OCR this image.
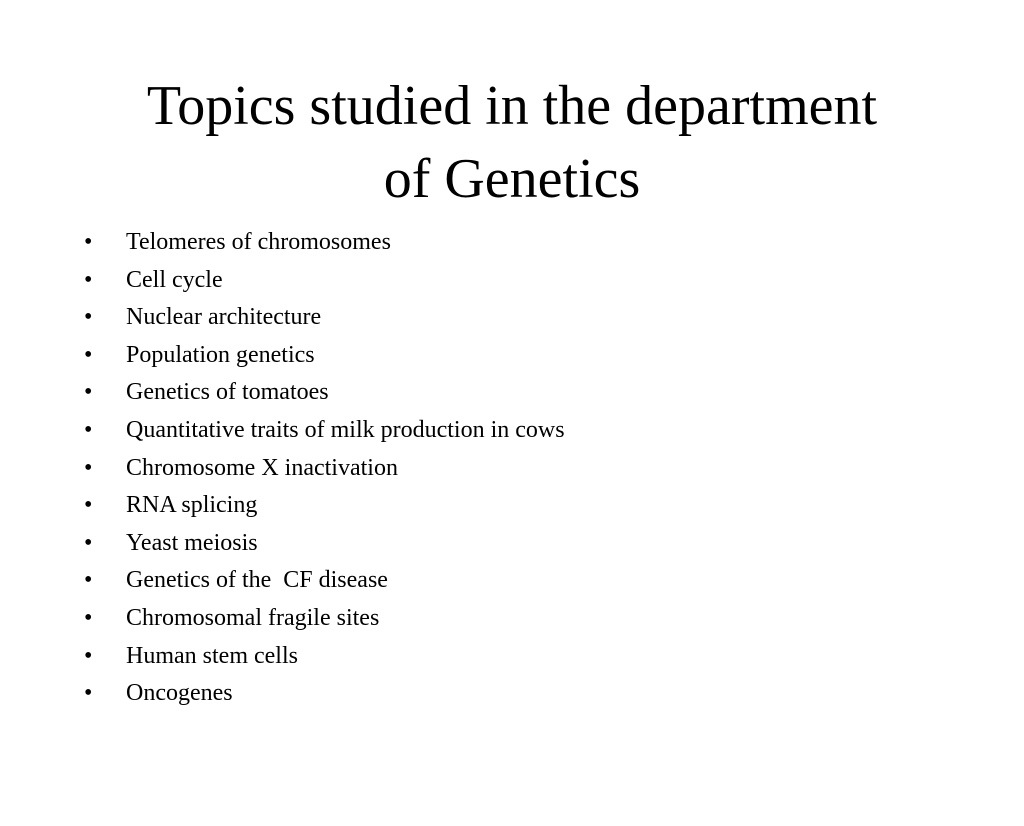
Topics studied in the department
of Genetics

•

	Telomeres of chromosomes

•

	Cell cycle

•

	Nuclear architecture

•

	Population genetics

•

	Genetics of tomatoes

•

	Quantitative traits of milk production in cows

•

	Chromosome X inactivation

•

	RNA splicing

•

	Yeast meiosis

•

	Genetics of the  CF disease

•

	Chromosomal fragile sites

•

	Human stem cells

•

	Oncogenes
